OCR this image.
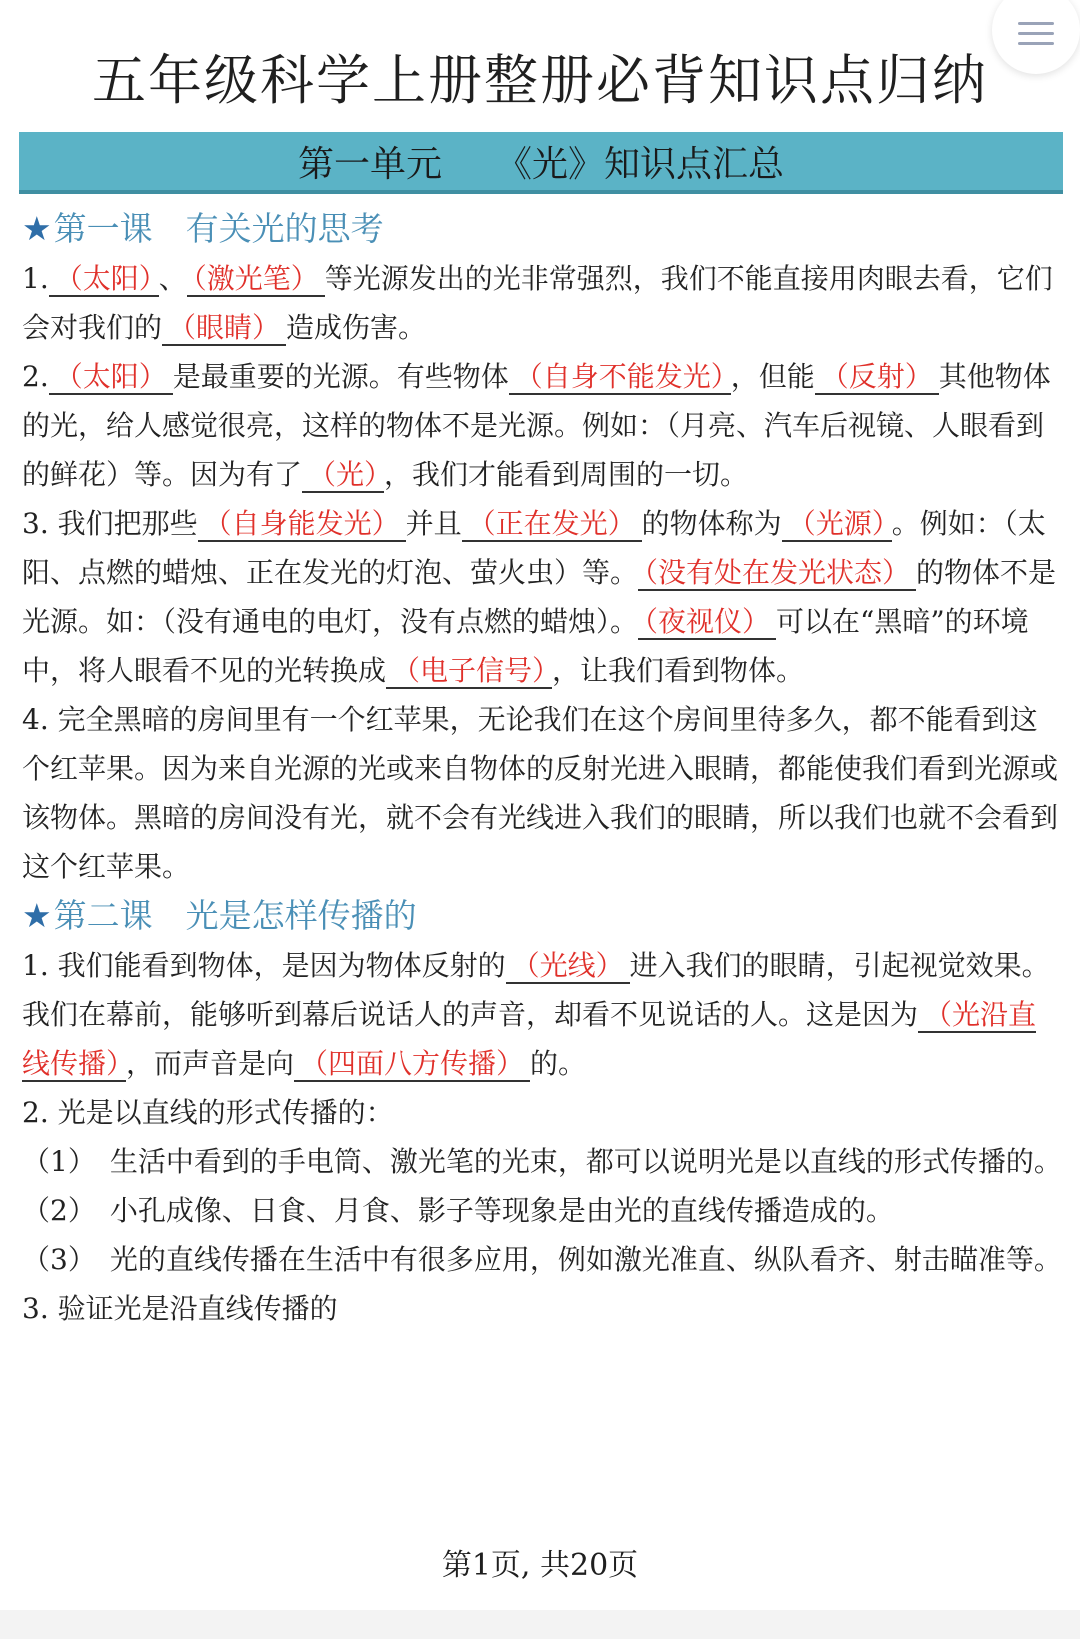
五年级科学上册整册必背知识点归纳
第一单元　　《光》知识点汇总
★第一课　有关光的思考

1. （太阳） 、 （激光笔） 等光源发出的光非常强烈，我们不能直接用肉眼去看，它们会对我们的 （眼睛） 造成伤害。

2. （太阳） 是最重要的光源。有些物体 （自身不能发光） ，但能 （反射） 其他物体的光，给人感觉很亮，这样的物体不是光源。例如：（月亮、汽车后视镜、人眼看到的鲜花）等。因为有了 （光） ，我们才能看到周围的一切。

3. 我们把那些 （自身能发光） 并且 （正在发光） 的物体称为 （光源） 。例如：（太阳、点燃的蜡烛、正在发光的灯泡、萤火虫）等。 （没有处在发光状态） 的物体不是光源。如：（没有通电的电灯，没有点燃的蜡烛）。 （夜视仪） 可以在“黑暗”的环境中，将人眼看不见的光转换成 （电子信号） ，让我们看到物体。

4. 完全黑暗的房间里有一个红苹果，无论我们在这个房间里待多久，都不能看到这个红苹果。因为来自光源的光或来自物体的反射光进入眼睛，都能使我们看到光源或该物体。黑暗的房间没有光，就不会有光线进入我们的眼睛，所以我们也就不会看到这个红苹果。

★第二课　光是怎样传播的

1. 我们能看到物体，是因为物体反射的 （光线） 进入我们的眼睛，引起视觉效果。我们在幕前，能够听到幕后说话人的声音，却看不见说话的人。这是因为 （光沿直线传播） ，而声音是向 （四面八方传播） 的。

2. 光是以直线的形式传播的：

（1）　生活中看到的手电筒、激光笔的光束，都可以说明光是以直线的形式传播的。

（2）　小孔成像、日食、月食、影子等现象是由光的直线传播造成的。

（3）　光的直线传播在生活中有很多应用，例如激光准直、纵队看齐、射击瞄准等。

3. 验证光是沿直线传播的

第1页, 共20页
